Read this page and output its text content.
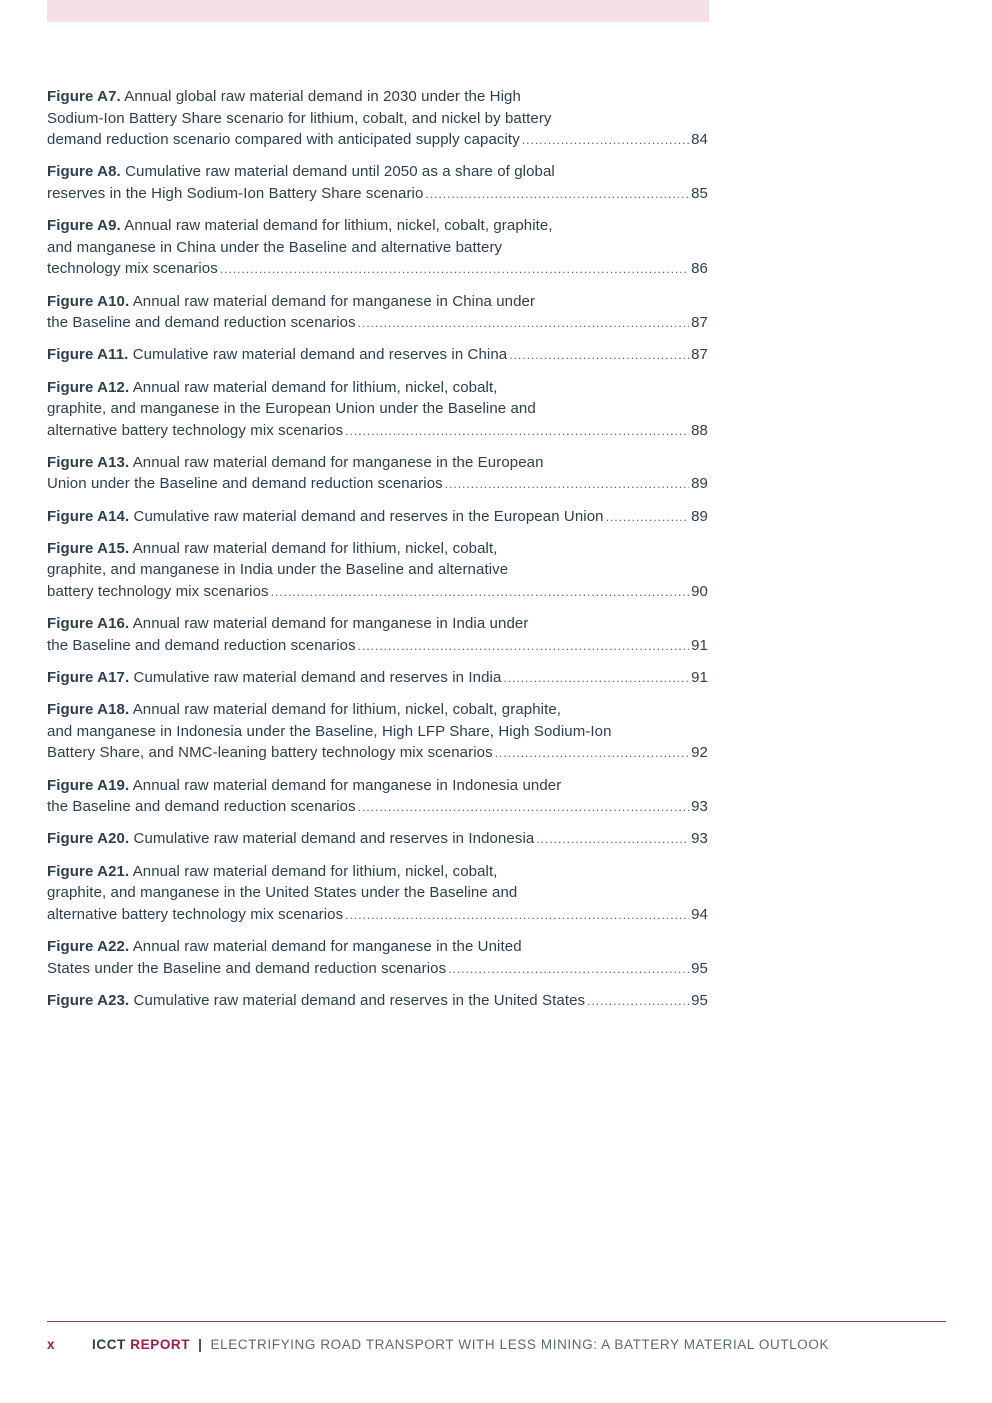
Figure A7. Annual global raw material demand in 2030 under the High
Sodium-Ion Battery Share scenario for lithium, cobalt, and nickel by battery
demand reduction scenario compared with anticipated supply capacity .....	84
Figure A8. Cumulative raw material demand until 2050 as a share of global
reserves in the High Sodium-Ion Battery Share scenario .....	85
Figure A9. Annual raw material demand for lithium, nickel, cobalt, graphite,
and manganese in China under the Baseline and alternative battery
technology mix scenarios .....	86
Figure A10. Annual raw material demand for manganese in China under
the Baseline and demand reduction scenarios .....	87
Figure A11. Cumulative raw material demand and reserves in China .....	87
Figure A12. Annual raw material demand for lithium, nickel, cobalt,
graphite, and manganese in the European Union under the Baseline and
alternative battery technology mix scenarios .....	88
Figure A13. Annual raw material demand for manganese in the European
Union under the Baseline and demand reduction scenarios .....	89
Figure A14. Cumulative raw material demand and reserves in the European Union .....	89
Figure A15. Annual raw material demand for lithium, nickel, cobalt,
graphite, and manganese in India under the Baseline and alternative
battery technology mix scenarios .....	90
Figure A16. Annual raw material demand for manganese in India under
the Baseline and demand reduction scenarios .....	91
Figure A17. Cumulative raw material demand and reserves in India .....	91
Figure A18. Annual raw material demand for lithium, nickel, cobalt, graphite,
and manganese in Indonesia under the Baseline, High LFP Share, High Sodium-Ion
Battery Share, and NMC-leaning battery technology mix scenarios .....	92
Figure A19. Annual raw material demand for manganese in Indonesia under
the Baseline and demand reduction scenarios .....	93
Figure A20. Cumulative raw material demand and reserves in Indonesia .....	93
Figure A21. Annual raw material demand for lithium, nickel, cobalt,
graphite, and manganese in the United States under the Baseline and
alternative battery technology mix scenarios .....	94
Figure A22. Annual raw material demand for manganese in the United
States under the Baseline and demand reduction scenarios .....	95
Figure A23. Cumulative raw material demand and reserves in the United States .....	95
x	ICCT REPORT | ELECTRIFYING ROAD TRANSPORT WITH LESS MINING: A BATTERY MATERIAL OUTLOOK
